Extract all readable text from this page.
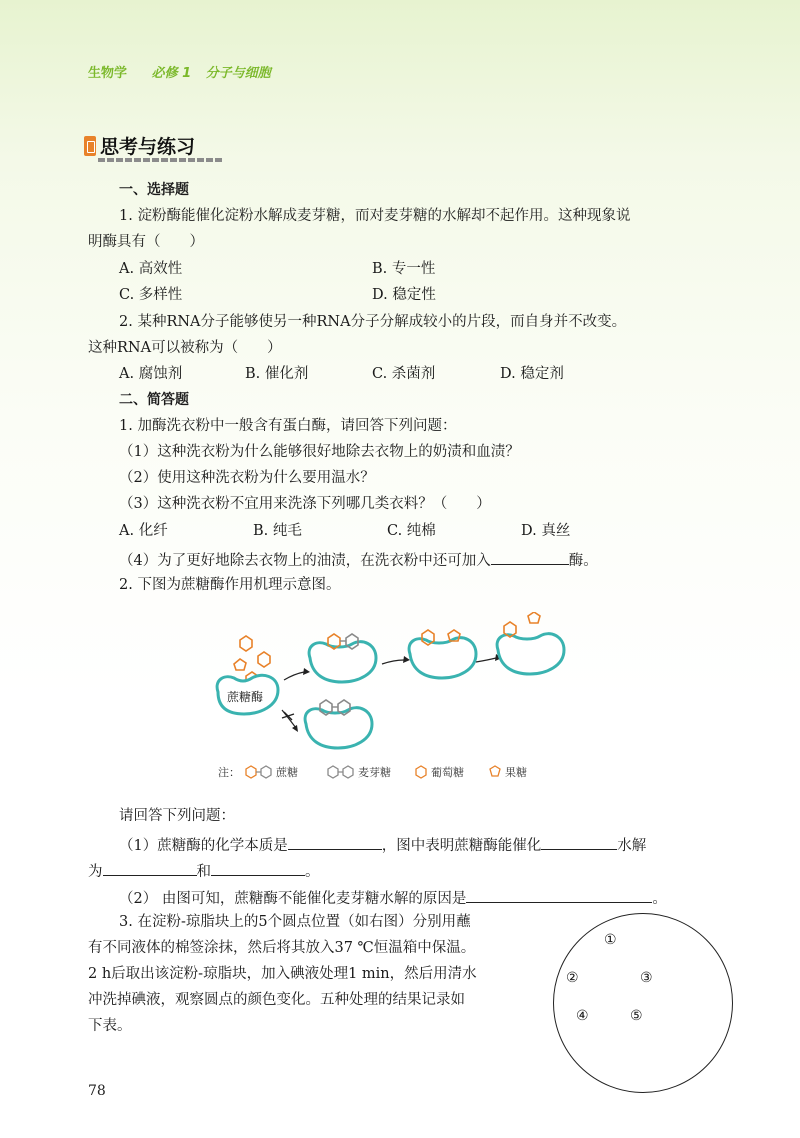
生物学 必修 1 分子与细胞
思考与练习
一、选择题
1. 淀粉酶能催化淀粉水解成麦芽糖，而对麦芽糖的水解却不起作用。这种现象说
明酶具有（　　）
A. 高效性	B. 专一性
C. 多样性	D. 稳定性
2. 某种RNA分子能够使另一种RNA分子分解成较小的片段，而自身并不改变。
这种RNA可以被称为（　　）
A. 腐蚀剂	B. 催化剂	C. 杀菌剂	D. 稳定剂
二、简答题
1. 加酶洗衣粉中一般含有蛋白酶，请回答下列问题：
（1）这种洗衣粉为什么能够很好地除去衣物上的奶渍和血渍？
（2）使用这种洗衣粉为什么要用温水？
（3）这种洗衣粉不宜用来洗涤下列哪几类衣料？（　　）
A. 化纤	B. 纯毛	C. 纯棉	D. 真丝
（4）为了更好地除去衣物上的油渍，在洗衣粉中还可加入	酶。
2. 下图为蔗糖酶作用机理示意图。
蔗糖酶
注：	蔗糖	麦芽糖	葡萄糖	果糖
请回答下列问题：
（1）蔗糖酶的化学本质是	，图中表明蔗糖酶能催化	水解
为	和	。
（2） 由图可知，蔗糖酶不能催化麦芽糖水解的原因是	。
3. 在淀粉-琼脂块上的5个圆点位置（如右图）分别用蘸
有不同液体的棉签涂抹，然后将其放入37 ℃恒温箱中保温。
2 h后取出该淀粉-琼脂块，加入碘液处理1 min，然后用清水
冲洗掉碘液，观察圆点的颜色变化。五种处理的结果记录如
下表。
①
②	③
④	⑤
78
